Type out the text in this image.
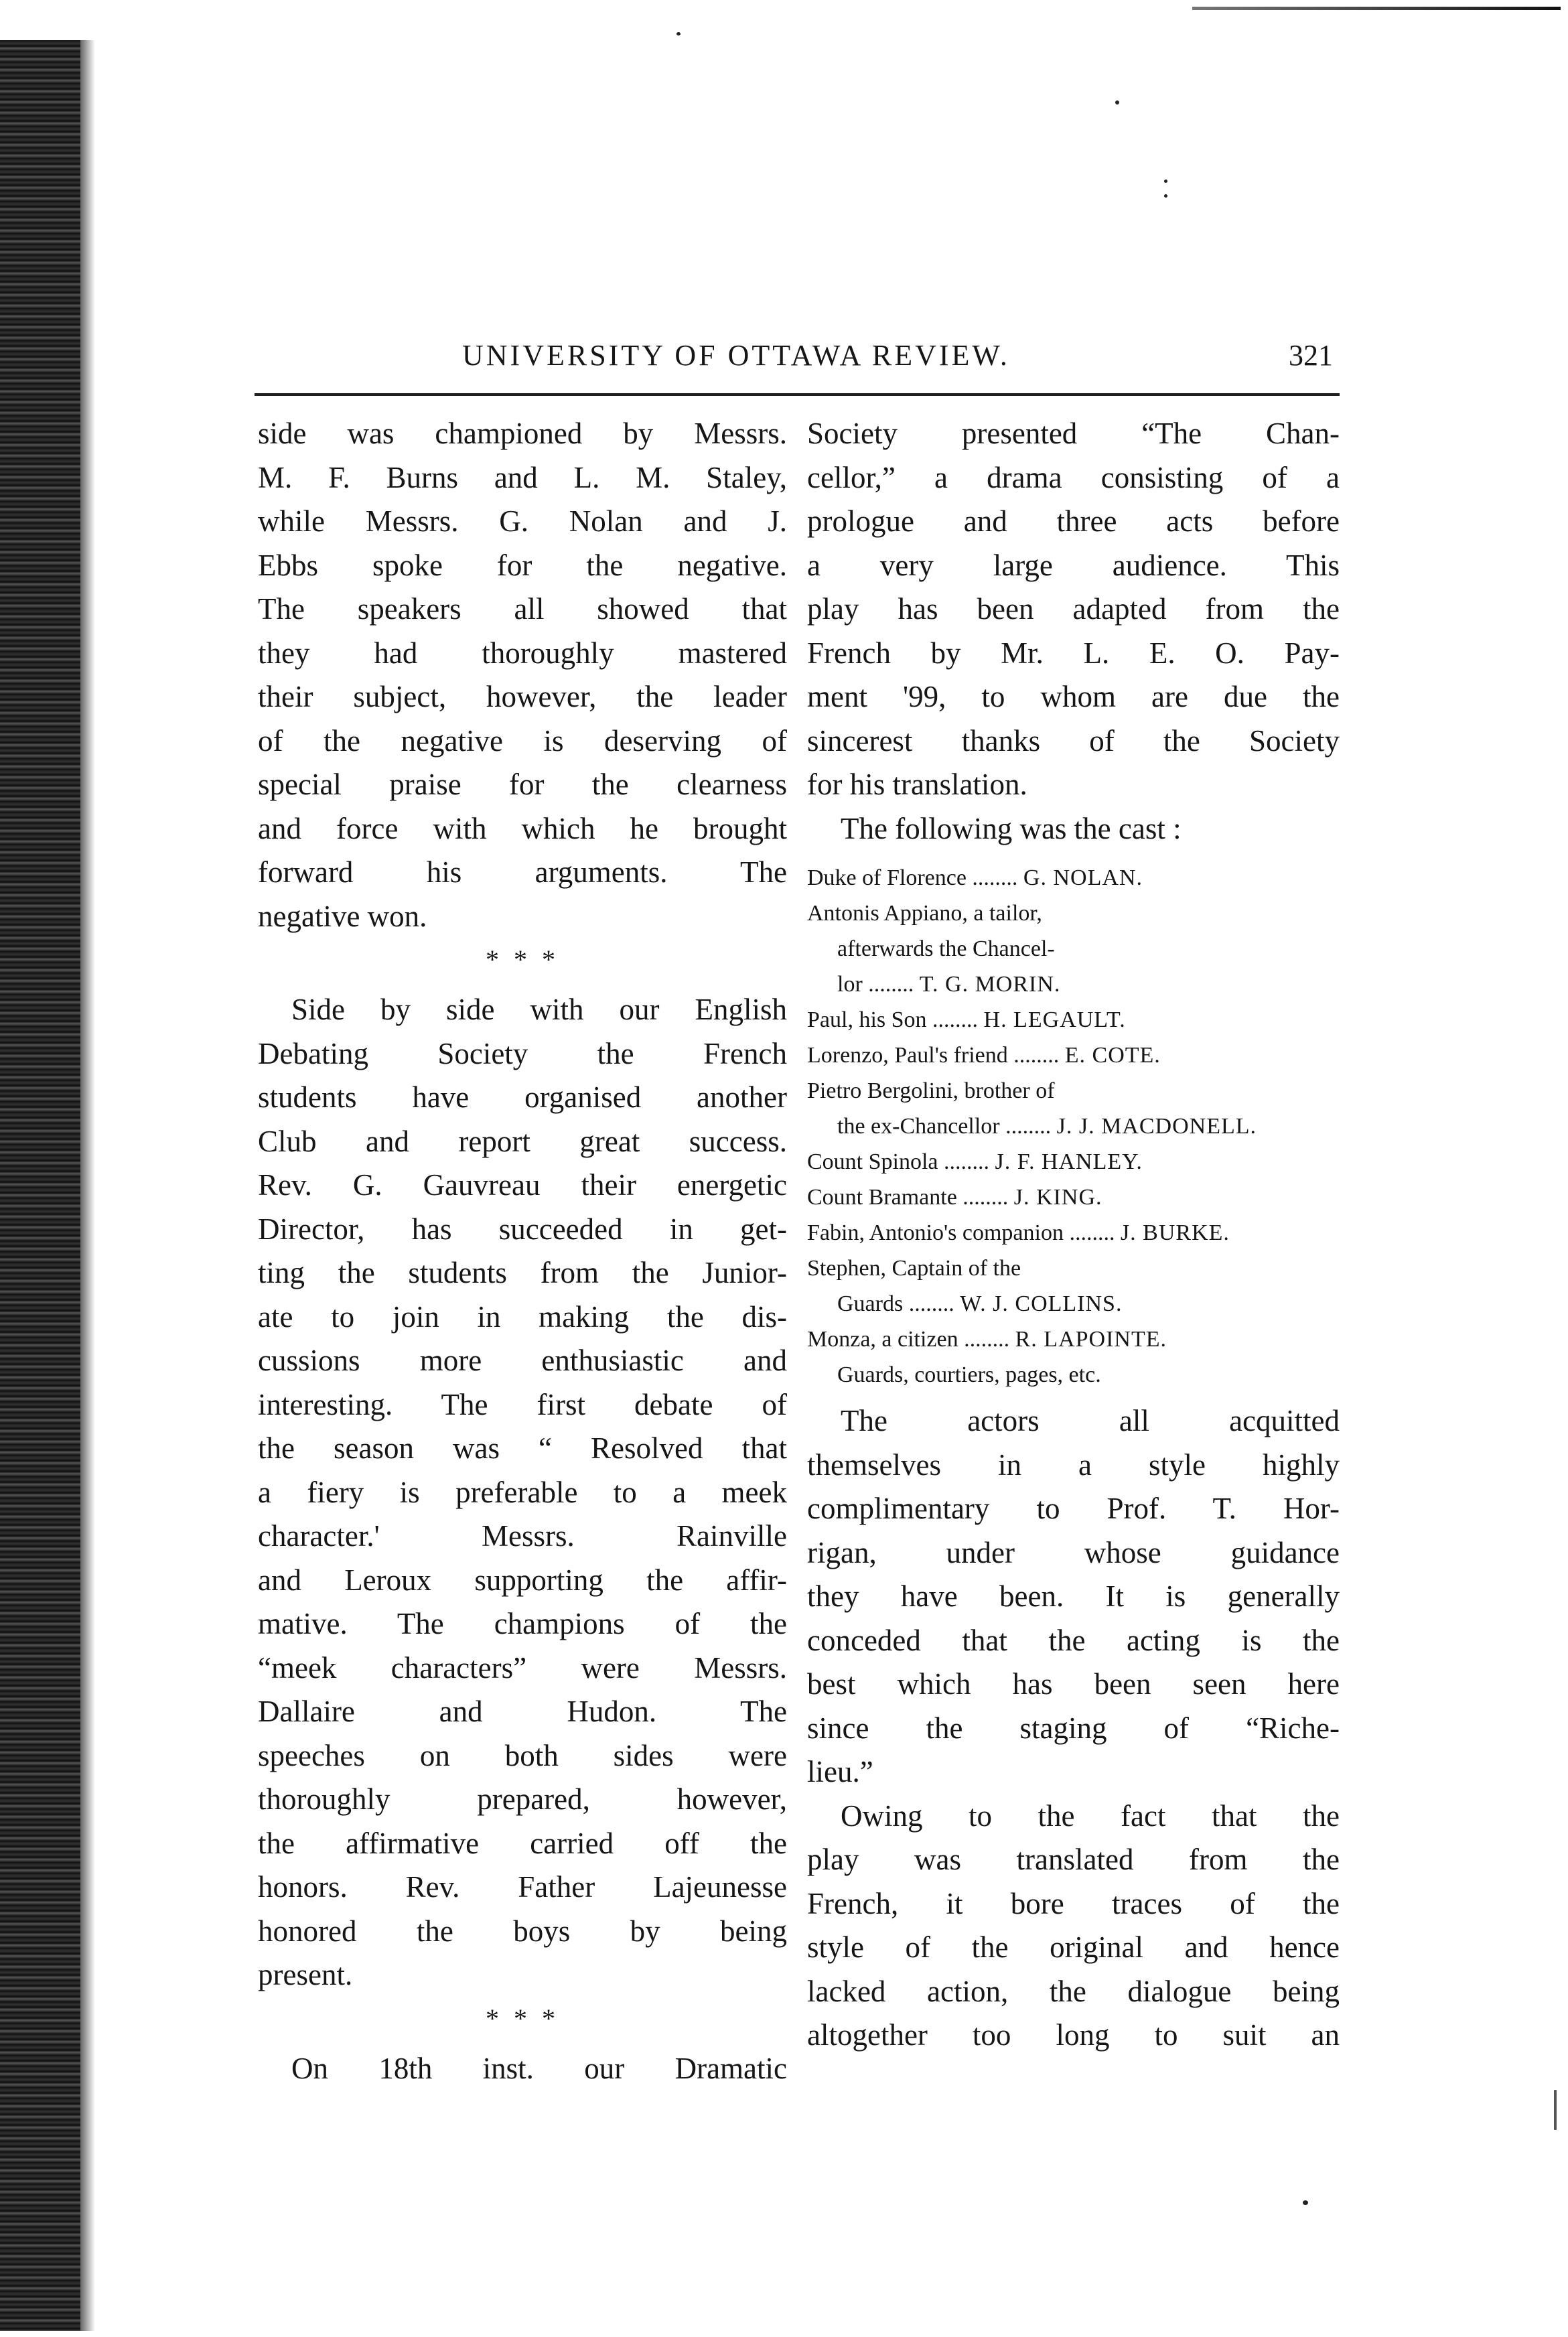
UNIVERSITY OF OTTAWA REVIEW.	321
side was championed by Messrs.
M. F. Burns and L. M. Staley,
while Messrs. G. Nolan and J.
Ebbs spoke for the negative.
The speakers all showed that
they had thoroughly mastered
their subject, however, the leader
of the negative is deserving of
special praise for the clearness
and force with which he brought
forward his arguments. The
negative won.
* * *
Side by side with our English
Debating Society the French
students have organised another
Club and report great success.
Rev. G. Gauvreau their energetic
Director, has succeeded in get-
ting the students from the Junior-
ate to join in making the dis-
cussions more enthusiastic and
interesting. The first debate of
the season was “ Resolved that
a fiery is preferable to a meek
character.' Messrs. Rainville
and Leroux supporting the affir-
mative. The champions of the
“meek characters” were Messrs.
Dallaire and Hudon. The
speeches on both sides were
thoroughly prepared, however,
the affirmative carried off the
honors. Rev. Father Lajeunesse
honored the boys by being
present.
* * *
On 18th inst. our Dramatic
Society presented “The Chan-
cellor,” a drama consisting of a
prologue and three acts before
a very large audience. This
play has been adapted from the
French by Mr. L. E. O. Pay-
ment '99, to whom are due the
sincerest thanks of the Society
for his translation.
The following was the cast :
Duke of Florence ........ G. NOLAN.
Antonis Appiano, a tailor,
afterwards the Chancel-
lor ........ T. G. MORIN.
Paul, his Son ........ H. LEGAULT.
Lorenzo, Paul's friend ........ E. COTE.
Pietro Bergolini, brother of
the ex-Chancellor ........ J. J. MACDONELL.
Count Spinola ........ J. F. HANLEY.
Count Bramante ........ J. KING.
Fabin, Antonio's companion ........ J. BURKE.
Stephen, Captain of the
Guards ........ W. J. COLLINS.
Monza, a citizen ........ R. LAPOINTE.
Guards, courtiers, pages, etc.
The actors all acquitted
themselves in a style highly
complimentary to Prof. T. Hor-
rigan, under whose guidance
they have been. It is generally
conceded that the acting is the
best which has been seen here
since the staging of “Riche-
lieu.”
Owing to the fact that the
play was translated from the
French, it bore traces of the
style of the original and hence
lacked action, the dialogue being
altogether too long to suit an
